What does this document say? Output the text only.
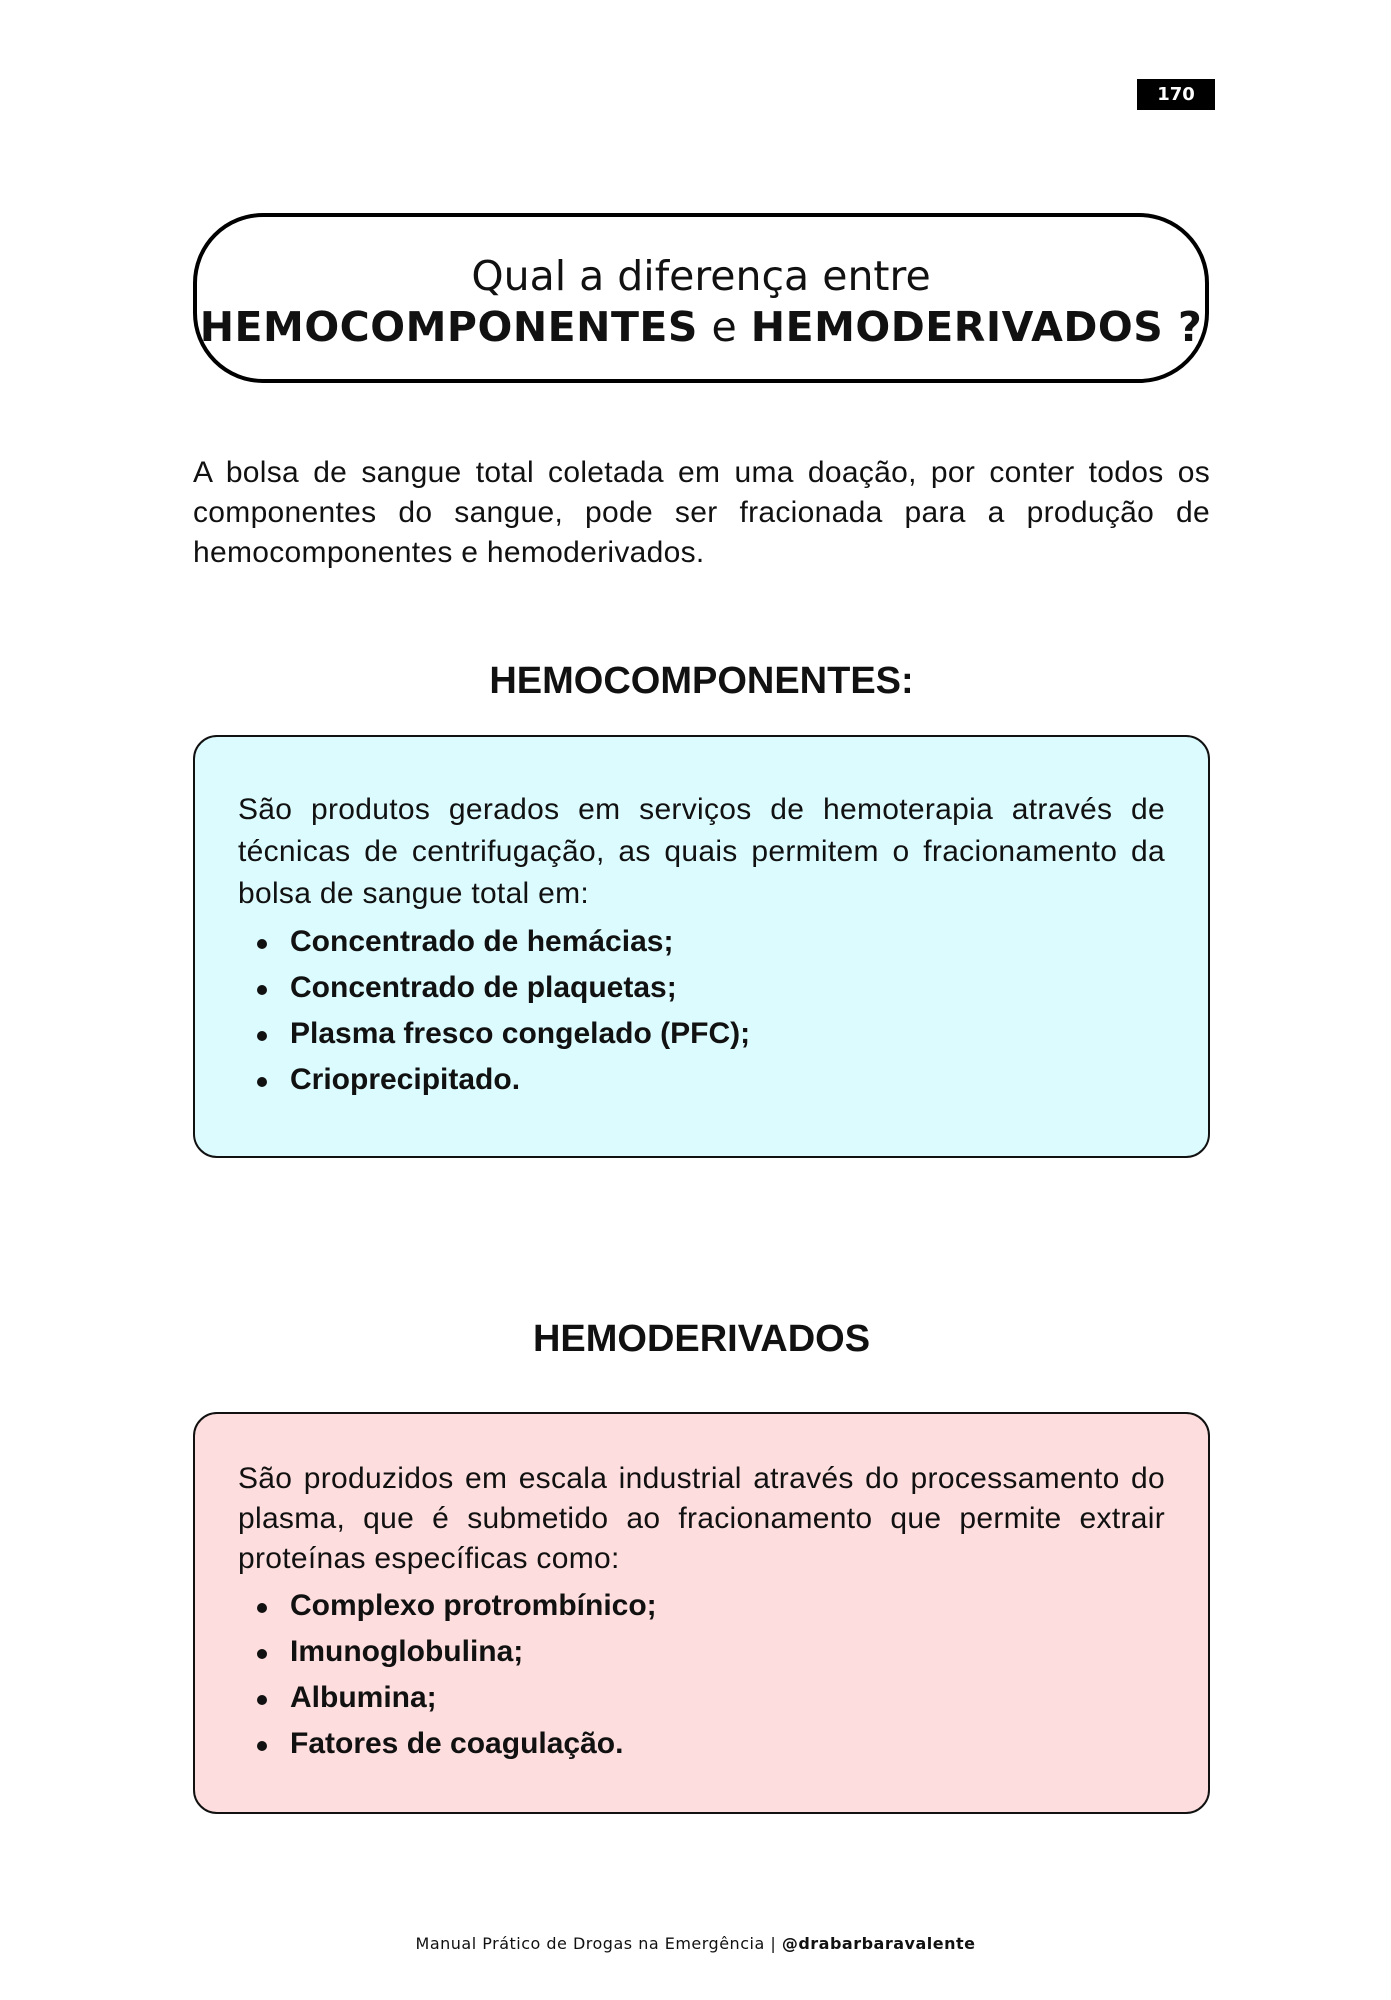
170
Qual a diferença entre
HEMOCOMPONENTES e HEMODERIVADOS ?

A bolsa de sangue total coletada em uma doação, por conter todos os componentes do sangue, pode ser fracionada para a produção de hemocomponentes e hemoderivados.

HEMOCOMPONENTES:

São produtos gerados em serviços de hemoterapia através de técnicas de centrifugação, as quais permitem o fracionamento da bolsa de sangue total em:

Concentrado de hemácias;
Concentrado de plaquetas;
Plasma fresco congelado (PFC);
Crioprecipitado.
HEMODERIVADOS

São produzidos em escala industrial através do processamento do plasma, que é submetido ao fracionamento que permite extrair proteínas específicas como:

Complexo protrombínico;
Imunoglobulina;
Albumina;
Fatores de coagulação.
Manual Prático de Drogas na Emergência | @drabarbaravalente
